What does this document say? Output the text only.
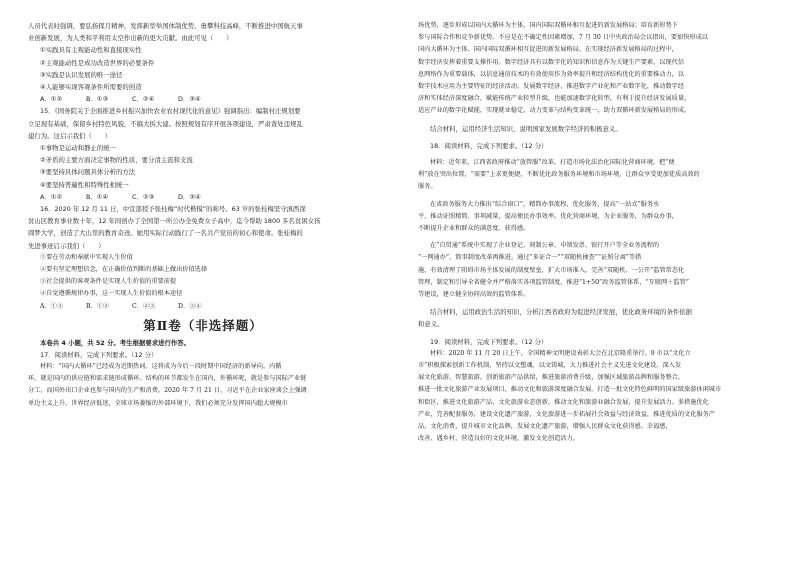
人员代表时强调，要弘扬探月精神，发挥新型举国体制优势，勇攀科技高峰，不断推进中国航天事

业创新发展，为人类和平利用太空作出新的更大贡献。由此可见（　　）

①实践具有主观能动性和直接现实性

②主观能动性是成功改造世界的必要条件

③实践是认识发展的唯一途径

④人能够实现客观条件所需要的创造

A．①②	B．①③	C．②④	D．③④

15．《国务院关于全面推进乡村振兴加快农业农村现代化的意见》强调指出：编制村庄规划要

立足现有基础，保留乡村特色风貌，不搞大拆大建。按照规划有序开展各项建设，严肃查处违规乱

建行为。这启示我们（　　）

①事物是运动和静止的统一

②矛盾的主要方面决定事物的性质，要分清主流和支流

③要坚持具体问题具体分析的方法

④要坚持普遍性和特殊性相统一

A．①②	B．①④	C．②③	D．③④

16．2020 年 12 月 11 日，中宣部授予张桂梅“时代楷模”的称号。63 岁的张桂梅坚守滇西深

贫山区教育事业数十年，12 年间创办了全国第一所公办全免费女子高中，迄今帮助 1800 多名贫困女孩

圆梦大学，创造了大山里的教育奇迹。她用实际行动践行了一名共产党员的初心和使命。张桂梅的

先进事迹启示我们（　　）

①要在劳动和奉献中实现人生价值

②要有坚定理想信念，在正确价值判断的基础上做出价值选择

③社会提供的客观条件是实现人生价值的重要前提

④自觉遵循规律办事，这一实现人生价值的根本途径

A．①③	B．①②	C．②③	D．③④

第Ⅱ卷（非选择题）

本卷共 4 小题，共 52 分。考生根据要求进行作答。

17．阅读材料，完成下列要求。（12 分）

材料：“国内大循环”已经成为近期热词。这将成为今后一段时期中国经济的新导向。内循

环，就是国内的供应链和需求链形成循环。结构的环节都发生在国内，外循环呢，就是参与国际产业链

分工，而国外出口企业也参与国内的生产和消费。2020 年 7 月 21 日，习近平在企业家座谈会上强调

单边主义上升，世界经济低迷，全球市场萎缩的外部环境下，我们必须充分发挥国内超大规模市

场优势，逐步形成以国内大循环为主体、国内国际双循环相互促进的新发展格局；培育新形势下

参与国际合作和竞争新优势。不应是在不确定性因素增加，7 月 30 日中央政治局会议指出，要加快形成以

国内大循环为主体、国内国际双循环相互促进的新发展格局。在实现经济新发展格局的过程中，

数字经济发挥着重要支撑作用。数字经济具有以数字化的知识和信息作为关键生产要素，以现代信

息网络作为重要载体，以信息通信技术的有效使用作为效率提升和经济结构优化的重要推动力，以

数字技术应用为主要特征的经济活动。发展数字经济，推进数字产业化和产业数字化，推动数字经

济和实体经济深度融合，赋能传统产业转型升级，也能加速数字化转型，有利于提升经济发展质量，

适应产业的数字化赋能，实现就业稳定，动力变革与结构变革统一，助力双循环新发展格局的形成。

结合材料，运用经济生活知识，说明国家发展数字经济的积极意义。

18．阅读材料，完成下列要求。（12 分）

材料：近年来，江西省政府推动“放管服”改革，打造市场化法治化国际化营商环境，把“便

利”放在突出位置，“需要”上求更便捷，不断优化政务服务环境和市场环境，让群众享受更加优质高效的

服务。

在省政务服务大力推出“综合窗口”，精简办事流程，优化服务，提高“一站式”服务水

平，推动证照精简、事项减量，提高便民办事效率。优化营商环境，为企业服务，为群众办事，

不断提升企业和群众的满意度、获得感。

在“自贸通”系统中实现了企业登记、刻制公章、申领发票、银行开户等全业务流程的

“一网通办”，简事制度改革再推进。通过“多证合一”“双随机抽查”“证照分离”等措

施，有效清理了阻碍市场主体发展的制度壁垒，扩大市场准入。完善“双随机、一公开”监管常态化

管理，制定和引导全省健全并严格落实各项监管制度，推进“1+50”政务监管体系，“互联网＋监管”

等建设，建立健全协同高效的监管体系。

结合材料，运用政治生活的知识，分析江西省政府为促进经济发展，优化政务环境的条件依据

和意义。

19．阅读材料，完成下列要求。（12 分）

材料：2020 年 11 月 20 日上午，全国精神文明建设表彰大会在北京隆重举行。9 市以“文化立

市”积极探索创新工作机制，坚持以文塑魂、以文铸城，大力推进社会主义先进文化建设。深入发

展文化旅游、智慧旅游，创新旅游产品供给，推进旅游消费升级，加强区域旅游品牌和服务整合，

推进一批文化旅游产业发展项目，推动文化和旅游深度融合发展。打造一批文化特色鲜明的国家级旅游休闲城市

和街区，推进文化旅游产品、文化旅游业态创新，推动文化和旅游业融合发展，提升发展活力。多措施优化

产业，完善配套服务，建设文化遗产旅游，文化旅游进一步拓展社会效益与经济效益，推进优质的文化服务产

品，文化消费，提升城市文化品牌，发展文化遗产旅游，增强人民群众文化获得感、幸福感，

改善、遇乡村，营造良好的文化环境，激发文化创造活力。
